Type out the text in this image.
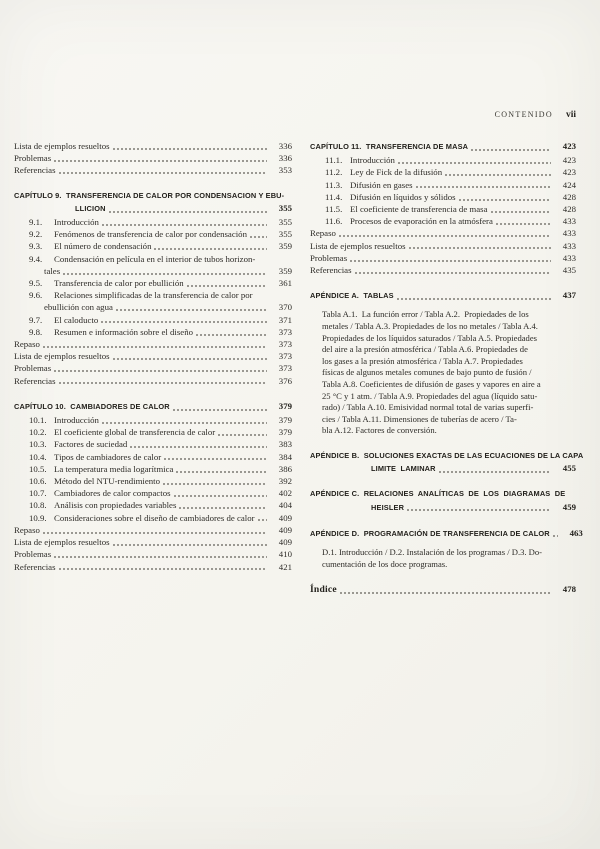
CONTENIDO vii
Lista de ejemplos resueltos	336
Problemas	336
Referencias	353
CAPÍTULO 9.  TRANSFERENCIA DE CALOR POR CONDENSACION Y EBU-
LLICION	355
9.1.	Introducción	355
9.2.	Fenómenos de transferencia de calor por condensación	355
9.3.	El número de condensación	359
9.4.	Condensación en película en el interior de tubos horizon-
tales	359
9.5.	Transferencia de calor por ebullición	361
9.6.	Relaciones simplificadas de la transferencia de calor por
ebullición con agua	370
9.7.	El caloducto	371
9.8.	Resumen e información sobre el diseño	373
Repaso	373
Lista de ejemplos resueltos	373
Problemas	373
Referencias	376
CAPÍTULO 10.  CAMBIADORES DE CALOR	379
10.1. Introducción	379
10.2. El coeficiente global de transferencia de calor	379
10.3. Factores de suciedad	383
10.4. Tipos de cambiadores de calor	384
10.5. La temperatura media logarítmica	386
10.6. Método del NTU-rendimiento	392
10.7. Cambiadores de calor compactos	402
10.8. Análisis con propiedades variables	404
10.9. Consideraciones sobre el diseño de cambiadores de calor	409
Repaso	409
Lista de ejemplos resueltos	409
Problemas	410
Referencias	421
CAPÍTULO 11.  TRANSFERENCIA DE MASA	423
11.1. Introducción	423
11.2. Ley de Fick de la difusión	423
11.3. Difusión en gases	424
11.4. Difusión en líquidos y sólidos	428
11.5. El coeficiente de transferencia de masa	428
11.6. Procesos de evaporación en la atmósfera	433
Repaso	433
Lista de ejemplos resueltos	433
Problemas	433
Referencias	435
APÉNDICE A.  TABLAS	437
Tabla A.1.  La función error / Tabla A.2.  Propiedades de los
metales / Tabla A.3. Propiedades de los no metales / Tabla A.4.
Propiedades de los líquidos saturados / Tabla A.5. Propiedades
del aire a la presión atmosférica / Tabla A.6. Propiedades de
los gases a la presión atmosférica / Tabla A.7. Propiedades
físicas de algunos metales comunes de bajo punto de fusión /
Tabla A.8. Coeficientes de difusión de gases y vapores en aire a
25 °C y 1 atm. / Tabla A.9. Propiedades del agua (líquido satu-
rado) / Tabla A.10. Emisividad normal total de varias superfi-
cies / Tabla A.11. Dimensiones de tuberías de acero / Ta-
bla A.12. Factores de conversión.
APÉNDICE B.  SOLUCIONES EXACTAS DE LAS ECUACIONES DE LA CAPA
LIMITE  LAMINAR	455
APÉNDICE C.  RELACIONES  ANALÍTICAS  DE  LOS  DIAGRAMAS  DE
HEISLER	459
APÉNDICE D.  PROGRAMACIÓN DE TRANSFERENCIA DE CALOR	463
D.1. Introducción / D.2. Instalación de los programas / D.3. Do-
cumentación de los doce programas.
Índice	478
